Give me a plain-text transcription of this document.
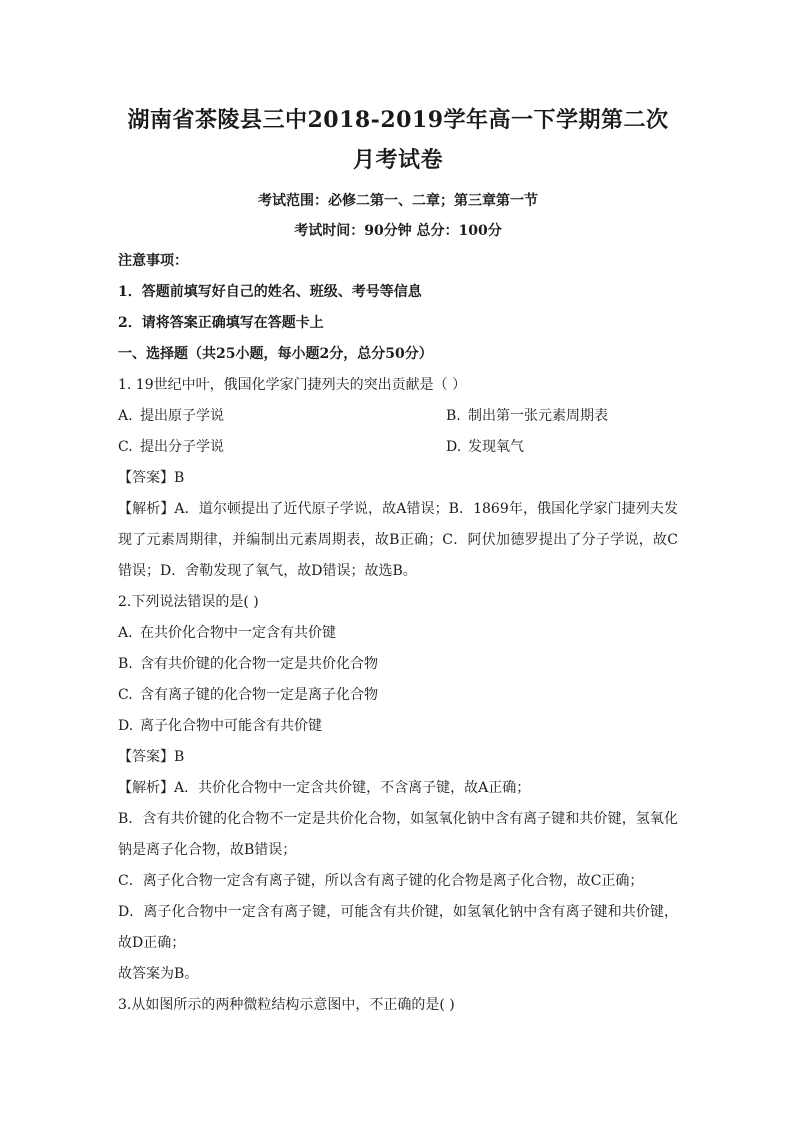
湖南省茶陵县三中2018-2019学年高一下学期第二次月考试卷

考试范围：必修二第一、二章；第三章第一节

考试时间：90分钟 总分：100分

注意事项：

1．答题前填写好自己的姓名、班级、考号等信息

2．请将答案正确填写在答题卡上

一、选择题（共25小题，每小题2分，总分50分）

1. 19世纪中叶，俄国化学家门捷列夫的突出贡献是（ ）

A. 提出原子学说	B. 制出第一张元素周期表
C. 提出分子学说	D. 发现氧气

【答案】B

【解析】A．道尔顿提出了近代原子学说，故A错误；B．1869年，俄国化学家门捷列夫发现了元素周期律，并编制出元素周期表，故B正确；C．阿伏加德罗提出了分子学说，故C错误；D．舍勒发现了氧气，故D错误；故选B。

2.下列说法错误的是( )

A. 在共价化合物中一定含有共价键

B. 含有共价键的化合物一定是共价化合物

C. 含有离子键的化合物一定是离子化合物

D. 离子化合物中可能含有共价键

【答案】B

【解析】A．共价化合物中一定含共价键，不含离子键，故A正确；

B．含有共价键的化合物不一定是共价化合物，如氢氧化钠中含有离子键和共价键，氢氧化钠是离子化合物，故B错误；

C．离子化合物一定含有离子键，所以含有离子键的化合物是离子化合物，故C正确；

D．离子化合物中一定含有离子键，可能含有共价键，如氢氧化钠中含有离子键和共价键，故D正确；

故答案为B。

3.从如图所示的两种微粒结构示意图中，不正确的是( )
